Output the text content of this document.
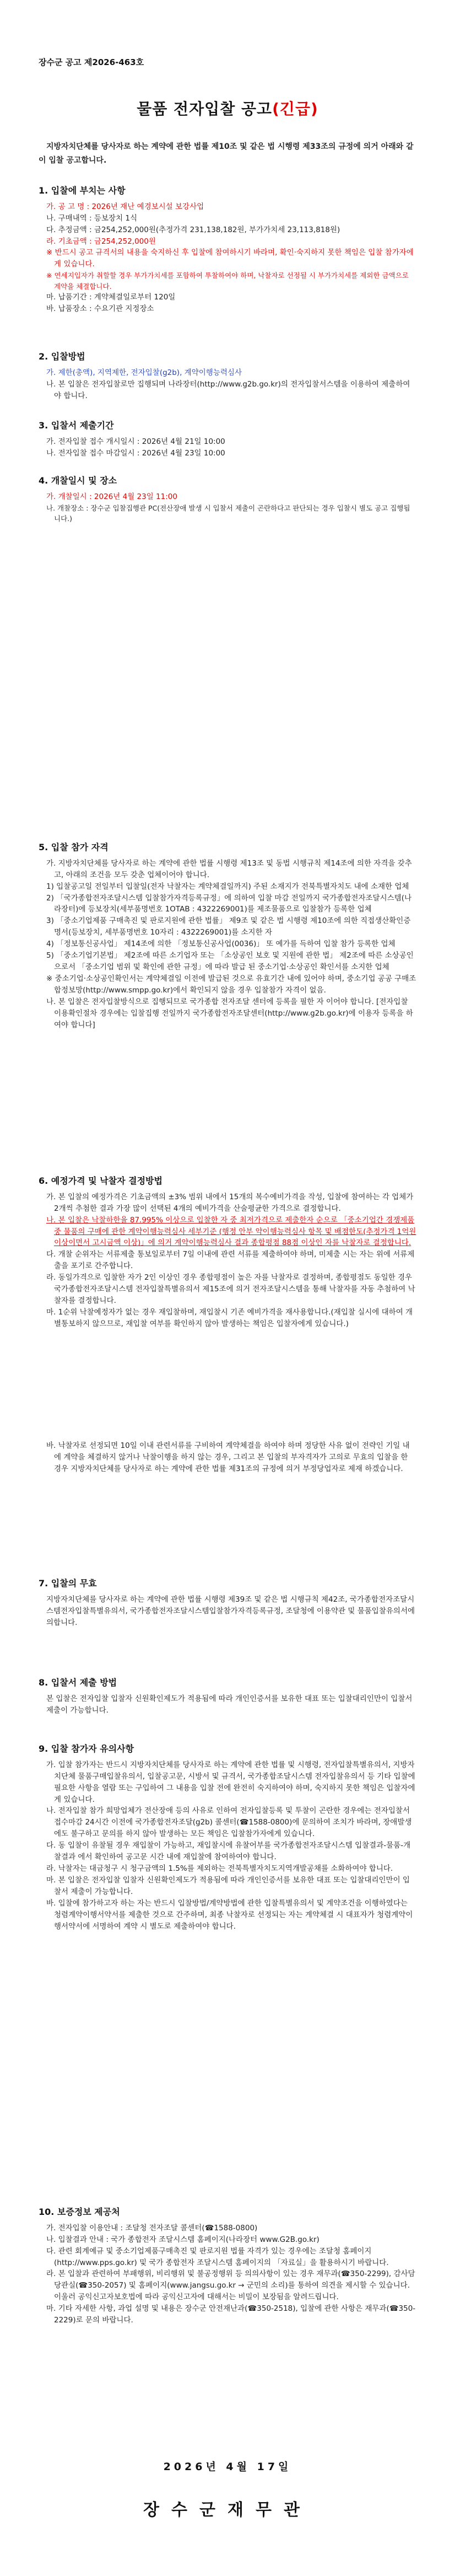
장수군 공고 제2026-463호
물품 전자입찰 공고(긴급)

지방자치단체를 당사자로 하는 계약에 관한 법률 제10조 및 같은 법 시행령 제33조의 규정에 의거 아래와 같이 입찰 공고합니다.

1. 입찰에 부치는 사항

가. 공 고 명 : 2026년 재난 예경보시설 보강사업

나. 구매내역 : 등보장치 1식

다. 추정금액 : 금254,252,000원(추정가격 231,138,182원, 부가가치세 23,113,818원)

라. 기초금액 : 금254,252,000원

※ 반드시 공고 규격서의 내용을 숙지하신 후 입찰에 참여하시기 바라며, 확인·숙지하지 못한 책임은 입찰 참가자에게 있습니다.

※ 연세지입자가 취할할 경우 부가가치세를 포함하여 투찰하여야 하며, 낙찰자로 선정될 시 부가가치세를 제외한 금액으로 계약을 체결합니다.

마. 납품기간 : 계약체결일로부터 120일

바. 납품장소 : 수요기관 지정장소

2. 입찰방법

가. 제한(총액), 지역제한, 전자입찰(g2b), 계약이행능력심사

나. 본 입찰은 전자입찰로만 집행되며 나라장터(http://www.g2b.go.kr)의 전자입찰서스템을 이용하여 제출하여야 합니다.

3. 입찰서 제출기간

가. 전자입찰 접수 개시일시 : 2026년 4월 21일 10:00

나. 전자입찰 접수 마감일시 : 2026년 4월 23일 10:00

4. 개찰일시 및 장소

가. 개찰일시 : 2026년 4월 23일 11:00

나. 개찰장소 : 장수군 입찰집행관 PC(전산장애 발생 시 입찰서 제출이 곤란하다고 판단되는 경우 입찰시 별도 공고 집행됩니다.)

5. 입찰 참가 자격

가. 지방자치단체를 당사자로 하는 계약에 관한 법률 시행령 제13조 및 동법 시행규칙 제14조에 의한 자격을 갖추고, 아래의 조건을 모두 갖춘 업체이어야 합니다.

1) 입찰공고일 전일부터 입찰일(전자 낙찰자는 계약체결일까지) 주된 소재지가 전북특별자치도 내에 소재한 업체

2) 「국가종합전자조달시스템 입찰참가자격등록규정」에 의하여 입찰 마감 전일까지 국가종합전자조달시스템(나라장터)에 등보장치(세부품명번호 1OTAB : 4322269001)를 제조물품으로 입찰참가 등록한 업체

3) 「중소기업제품 구매촉진 및 판로지원에 관한 법률」 제9조 및 같은 법 시행령 제10조에 의한 직접생산확인증명서(등보장치, 세부품명번호 10자리 : 4322269001)를 소지한 자

4) 「정보통신공사업」 제14조에 의한 「정보통신공사업(0036)」 또 예가를 득하여 입찰 참가 등록한 업체

5) 「중소기업기본법」 제2조에 따른 소기업자 또는 「소상공인 보호 및 지원에 관한 법」 제2조에 따른 소상공인으로서 「중소기업 범위 및 확인에 관한 규정」에 따라 발급 된 중소기업·소상공인 확인서를 소지한 업체

※ 중소기업·소상공인확인서는 계약체결일 이전에 발급된 것으로 유효기간 내에 있어야 하며, 중소기업 공공 구매조합정보망(http://www.smpp.go.kr)에서 확인되지 않을 경우 입찰참가 자격이 없음.

나. 본 입찰은 전자입찰방식으로 집행되므로 국가종합 전자조달 센터에 등록을 필한 자 이어야 합니다. [전자입찰 이용확인절차 경우에는 입찰집행 전일까지 국가종합전자조달센터(http://www.g2b.go.kr)에 이용자 등록을 하여야 합니다]

6. 예정가격 및 낙찰자 결정방법

가. 본 입찰의 예정가격은 기초금액의 ±3% 범위 내에서 15개의 복수예비가격을 작성, 입찰에 참여하는 각 업체가 2개씩 추첨한 결과 가장 많이 선택된 4개의 예비가격을 산술평균한 가격으로 결정합니다.

나. 본 입찰은 낙찰하한율 87.995% 이상으로 입찰한 자 중 최저가격으로 제출한자 순으로 「중소기업간 경쟁제품 중 물품의 구매에 관한 계약이행능력심사 세부기준 (행정 안부 약이행능력심사 항목 및 배점한도(추정가격 1억원 이상이면서 고시금액 이상)」에 의거 계약이행능력심사 결과 종합평점 88점 이상인 자를 낙찰자로 결정합니다.

다. 개찰 순위자는 서류제출 통보일로부터 7일 이내에 관련 서류를 제출하여야 하며, 미제출 시는 자는 위에 서류제출을 포기로 간주합니다.

라. 동일가격으로 입찰한 자가 2인 이상인 경우 종합평점이 높은 자를 낙찰자로 결정하며, 종합평점도 동일한 경우 국가종합전자조달시스템 전자입찰특별유의서 제15조에 의거 전자조달시스템을 통해 낙찰자를 자동 추첨하여 낙찰자를 결정합니다.

마. 1순위 낙찰예정자가 없는 경우 재입찰하며, 재입찰시 기존 예비가격을 재사용합니다.(재입찰 실시에 대하여 개별통보하지 않으므로, 재입찰 여부를 확인하지 않아 발생하는 책임은 입찰자에게 있습니다.)

바. 낙찰자로 선정되면 10일 이내 관련서류를 구비하여 계약체결을 하여야 하며 정당한 사유 없이 전략인 기일 내에 계약을 체결하지 않거나 낙찰이행을 하지 않는 경우, 그리고 본 입찰의 부자격자가 고의로 무효의 입찰을 한 경우 지방자치단체를 당사자로 하는 계약에 관한 법률 제31조의 규정에 의거 부정당업자로 제재 하겠습니다.

7. 입찰의 무효

지방자치단체를 당사자로 하는 계약에 관한 법률 시행령 제39조 및 같은 법 시행규칙 제42조, 국가종합전자조달시스템전자입찰특별유의서, 국가종합전자조달시스템입찰참가자격등록규정, 조달청에 이용약관 및 물품입찰유의서에 의합니다.

8. 입찰서 제출 방법

본 입찰은 전자입찰 입찰자 신원확인제도가 적용됨에 따라 개인인증서를 보유한 대표 또는 입찰대리인만이 입찰서 제출이 가능합니다.

9. 입찰 참가자 유의사항

가. 입찰 참가자는 반드시 지방자치단체를 당사자로 하는 계약에 관한 법률 및 시행령, 전자입찰특별유의서, 지방자치단체 물품구매입찰유의서, 입찰공고문, 시방서 및 규격서, 국가종합조달시스템 전자입찰유의서 등 기타 입찰에 필요한 사항을 열람 또는 구입하여 그 내용을 입찰 전에 완전히 숙지하여야 하며, 숙지하지 못한 책임은 입찰자에게 있습니다.

나. 전자입찰 참가 희망업체가 전산장애 등의 사유로 인하여 전자입찰등록 및 투찰이 곤란한 경우에는 전자입찰서 접수마감 24시간 이전에 국가종합전자조달(g2b) 콜센터(☎1588-0800)에 문의하여 조치가 바라며, 장애발생에도 불구하고 문의를 하지 않아 발생하는 모든 책임은 입찰참가자에게 있습니다.

다. 동 입찰이 유찰될 경우 재입찰이 가능하고, 재입찰시에 유찰어부를 국가종합전자조달시스템 입찰결과-물품-개찰결과 에서 확인하여 공고문 시간 내에 재입찰에 참여하여야 합니다.

라. 낙찰자는 대금청구 시 청구금액의 1.5%를 제외하는 전북특별자치도지역개발공채를 소화하여야 합니다.

마. 본 입찰은 전자입찰 입찰자 신원확인제도가 적용됨에 따라 개인인증서를 보유한 대표 또는 입찰대리인만이 입찰서 제출이 가능합니다.

바. 입찰에 참가하고자 하는 자는 반드시 입찰방법/계약방법에 관한 입찰특별유의서 및 계약조건을 이행하였다는 청렴계약이행서약서를 제출한 것으로 간주하며, 최종 낙찰자로 선정되는 자는 계약체결 시 대표자가 청렴계약이행서약서에 서명하여 계약 시 별도로 제출하여야 합니다.

10. 보증정보 제공처

가. 전자입찰 이용안내 : 조달청 전자조달 콜센터(☎1588-0800)

나. 입찰결과 안내 : 국가 종합전자 조달시스템 홈페이지(나라장터 www.G2B.go.kr)

다. 관련 회계예규 및 중소기업제품구매촉진 및 판로지원 법률 자격가 있는 경우에는 조달청 홈페이지(http://www.pps.go.kr) 및 국가 종합전자 조달시스템 홈페이지의 「자료실」을 활용하시기 바랍니다.

라. 본 입찰과 관련하여 부패행위, 비리행위 및 불공정행위 등 의의사항이 있는 경우 재무과(☎350-2299), 감사담당관실(☎350-2057) 및 홈페이지(www.jangsu.go.kr → 군민의 소리)를 통하여 의견을 제시할 수 있습니다. 이울러 공익신고자보호법에 따라 공익신고자에 대해서는 비밀이 보장됨을 알려드립니다.

마. 기타 자세한 사항, 과업 설명 및 내용은 장수군 안전재난과(☎350-2518), 입찰에 관한 사항은 재무과(☎350-2229)로 문의 바랍니다.

2026년 4월 17일
장수군재무관
